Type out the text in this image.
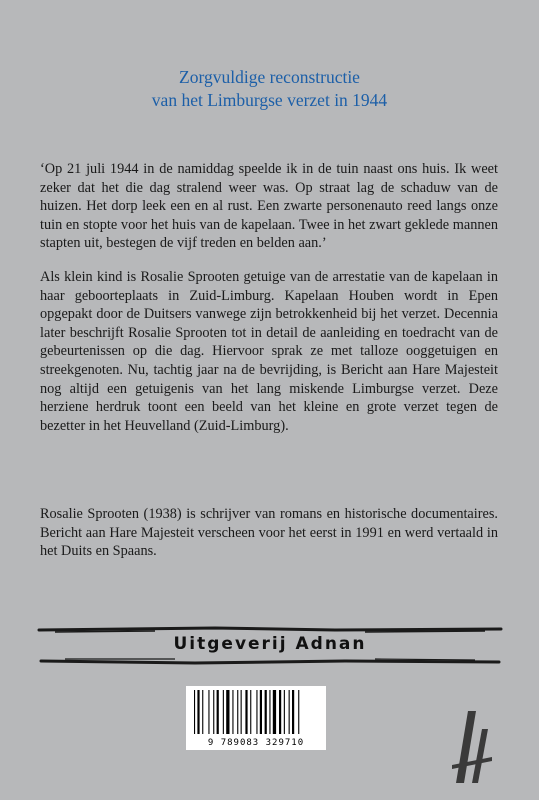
Zorgvuldige reconstructie
van het Limburgse verzet in 1944

‘Op 21 juli 1944 in de namiddag speelde ik in de tuin naast ons huis. Ik weet zeker dat het die dag stralend weer was. Op straat lag de schaduw van de huizen. Het dorp leek een en al rust. Een zwarte personenauto reed langs onze tuin en stopte voor het huis van de kapelaan. Twee in het zwart geklede mannen stapten uit, bestegen de vijf treden en belden aan.’

Als klein kind is Rosalie Sprooten getuige van de arrestatie van de kapelaan in haar geboorteplaats in Zuid-Limburg. Kapelaan Houben wordt in Epen opgepakt door de Duitsers vanwege zijn betrokkenheid bij het verzet. Decennia later beschrijft Rosalie Sprooten tot in detail de aanleiding en toedracht van de gebeurtenissen op die dag. Hiervoor sprak ze met talloze ooggetuigen en streekgenoten. Nu, tachtig jaar na de bevrijding, is Bericht aan Hare Majesteit nog altijd een getuigenis van het lang miskende Limburgse verzet. Deze herziene herdruk toont een beeld van het kleine en grote verzet tegen de bezetter in het Heuvelland (Zuid-Limburg).

Rosalie Sprooten (1938) is schrijver van romans en historische documentaires. Bericht aan Hare Majesteit verscheen voor het eerst in 1991 en werd vertaald in het Duits en Spaans.

Uitgeverij Adnan
9 789083 329710
